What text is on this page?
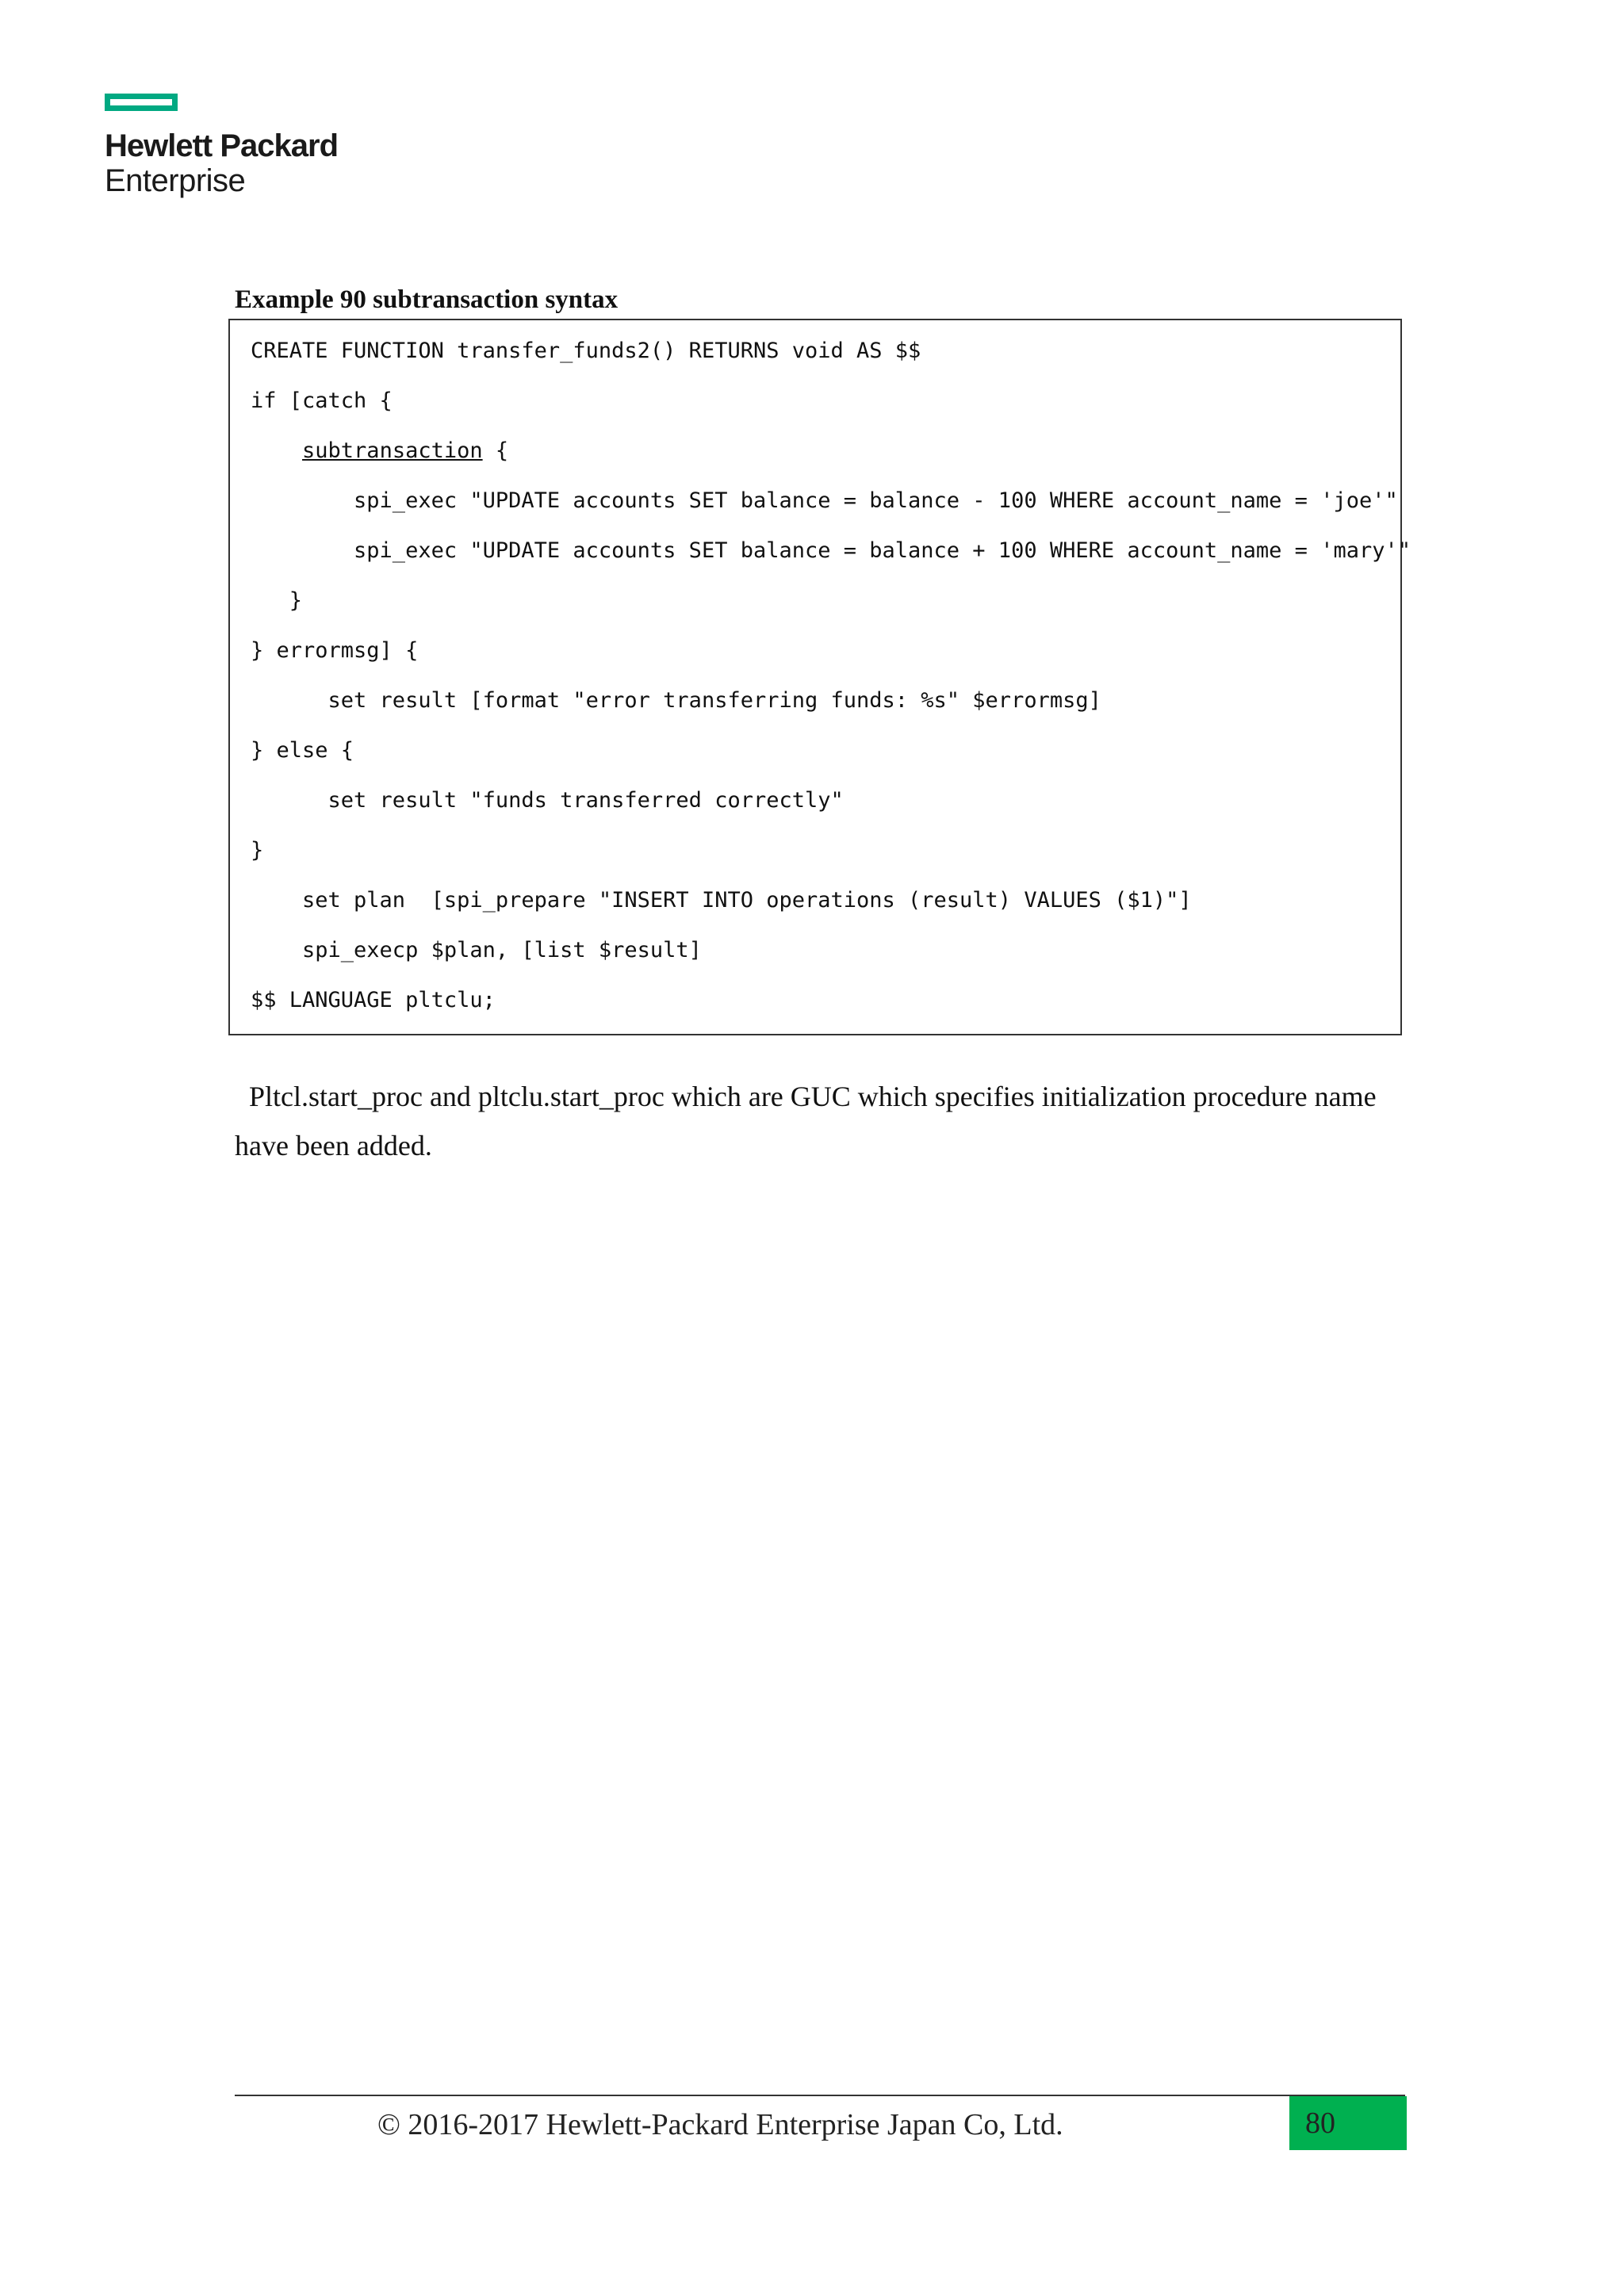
Hewlett Packard
Enterprise
Example 90 subtransaction syntax
CREATE FUNCTION transfer_funds2() RETURNS void AS $$
if [catch {
subtransaction {
spi_exec "UPDATE accounts SET balance = balance - 100 WHERE account_name = 'joe'"
spi_exec "UPDATE accounts SET balance = balance + 100 WHERE account_name = 'mary'"
}
} errormsg] {
set result [format "error transferring funds: %s" $errormsg]
} else {
set result "funds transferred correctly"
}
set plan  [spi_prepare "INSERT INTO operations (result) VALUES ($1)"]
spi_execp $plan, [list $result]
$$ LANGUAGE pltclu;
Pltcl.start_proc and pltclu.start_proc which are GUC which specifies initialization procedure name
have been added.
© 2016-2017 Hewlett-Packard Enterprise Japan Co, Ltd.	80
